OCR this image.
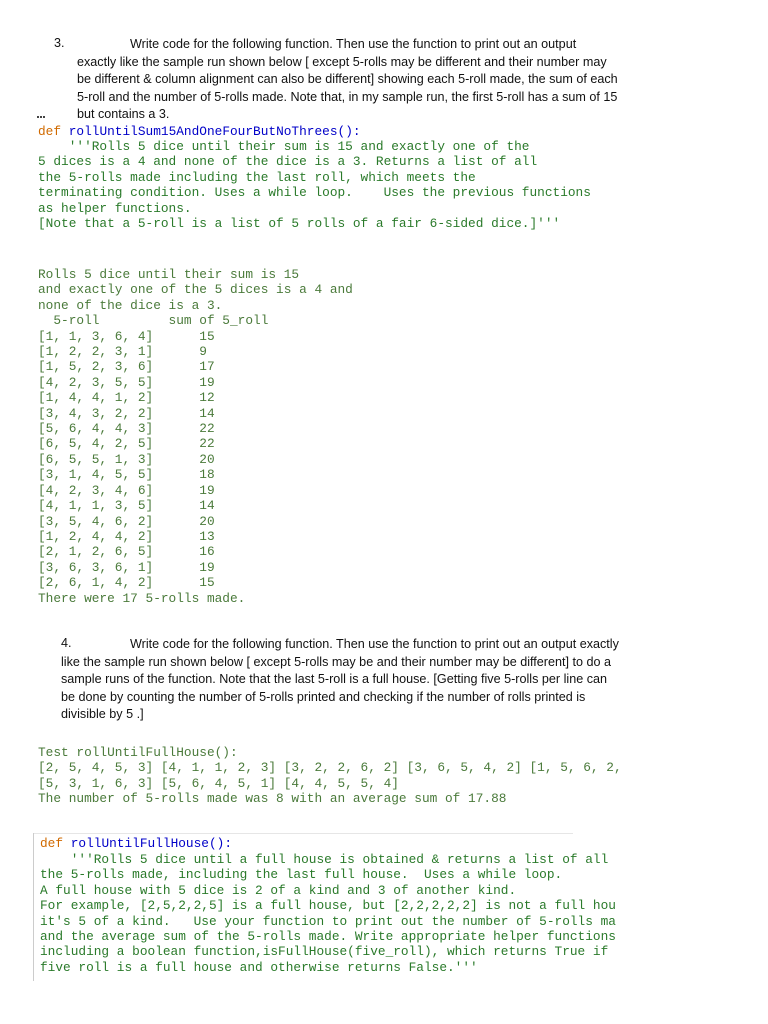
3.	Write code for the following function. Then use the function to print out an output
exactly like the sample run shown below [ except 5-rolls may be different and their number may
be different & column alignment can also be different] showing each 5-roll made, the sum of each
5-roll and the number of 5-rolls made. Note that, in my sample run, the first 5-roll has a sum of 15
but contains a 3.
def rollUntilSum15AndOneFourButNoThrees():
'''Rolls 5 dice until their sum is 15 and exactly one of the
5 dices is a 4 and none of the dice is a 3. Returns a list of all
the 5-rolls made including the last roll, which meets the
terminating condition. Uses a while loop.    Uses the previous functions
as helper functions.
[Note that a 5-roll is a list of 5 rolls of a fair 6-sided dice.]'''
Rolls 5 dice until their sum is 15
and exactly one of the 5 dices is a 4 and
none of the dice is a 3.
5-roll         sum of 5_roll
[1, 1, 3, 6, 4]      15
[1, 2, 2, 3, 1]      9
[1, 5, 2, 3, 6]      17
[4, 2, 3, 5, 5]      19
[1, 4, 4, 1, 2]      12
[3, 4, 3, 2, 2]      14
[5, 6, 4, 4, 3]      22
[6, 5, 4, 2, 5]      22
[6, 5, 5, 1, 3]      20
[3, 1, 4, 5, 5]      18
[4, 2, 3, 4, 6]      19
[4, 1, 1, 3, 5]      14
[3, 5, 4, 6, 2]      20
[1, 2, 4, 4, 2]      13
[2, 1, 2, 6, 5]      16
[3, 6, 3, 6, 1]      19
[2, 6, 1, 4, 2]      15
There were 17 5-rolls made.
4.	Write code for the following function. Then use the function to print out an output exactly
like the sample run shown below [ except 5-rolls may be and their number may be different] to do a
sample runs of the function. Note that the last 5-roll is a full house. [Getting five 5-rolls per line can
be done by counting the number of 5-rolls printed and checking if the number of rolls printed is
divisible by 5 .]
Test rollUntilFullHouse():
[2, 5, 4, 5, 3] [4, 1, 1, 2, 3] [3, 2, 2, 6, 2] [3, 6, 5, 4, 2] [1, 5, 6, 2,
[5, 3, 1, 6, 3] [5, 6, 4, 5, 1] [4, 4, 5, 5, 4]
The number of 5-rolls made was 8 with an average sum of 17.88
def rollUntilFullHouse():
'''Rolls 5 dice until a full house is obtained & returns a list of all
the 5-rolls made, including the last full house.  Uses a while loop.
A full house with 5 dice is 2 of a kind and 3 of another kind.
For example, [2,5,2,2,5] is a full house, but [2,2,2,2,2] is not a full hou
it's 5 of a kind.   Use your function to print out the number of 5-rolls ma
and the average sum of the 5-rolls made. Write appropriate helper functions
including a boolean function,isFullHouse(five_roll), which returns True if
five roll is a full house and otherwise returns False.'''
